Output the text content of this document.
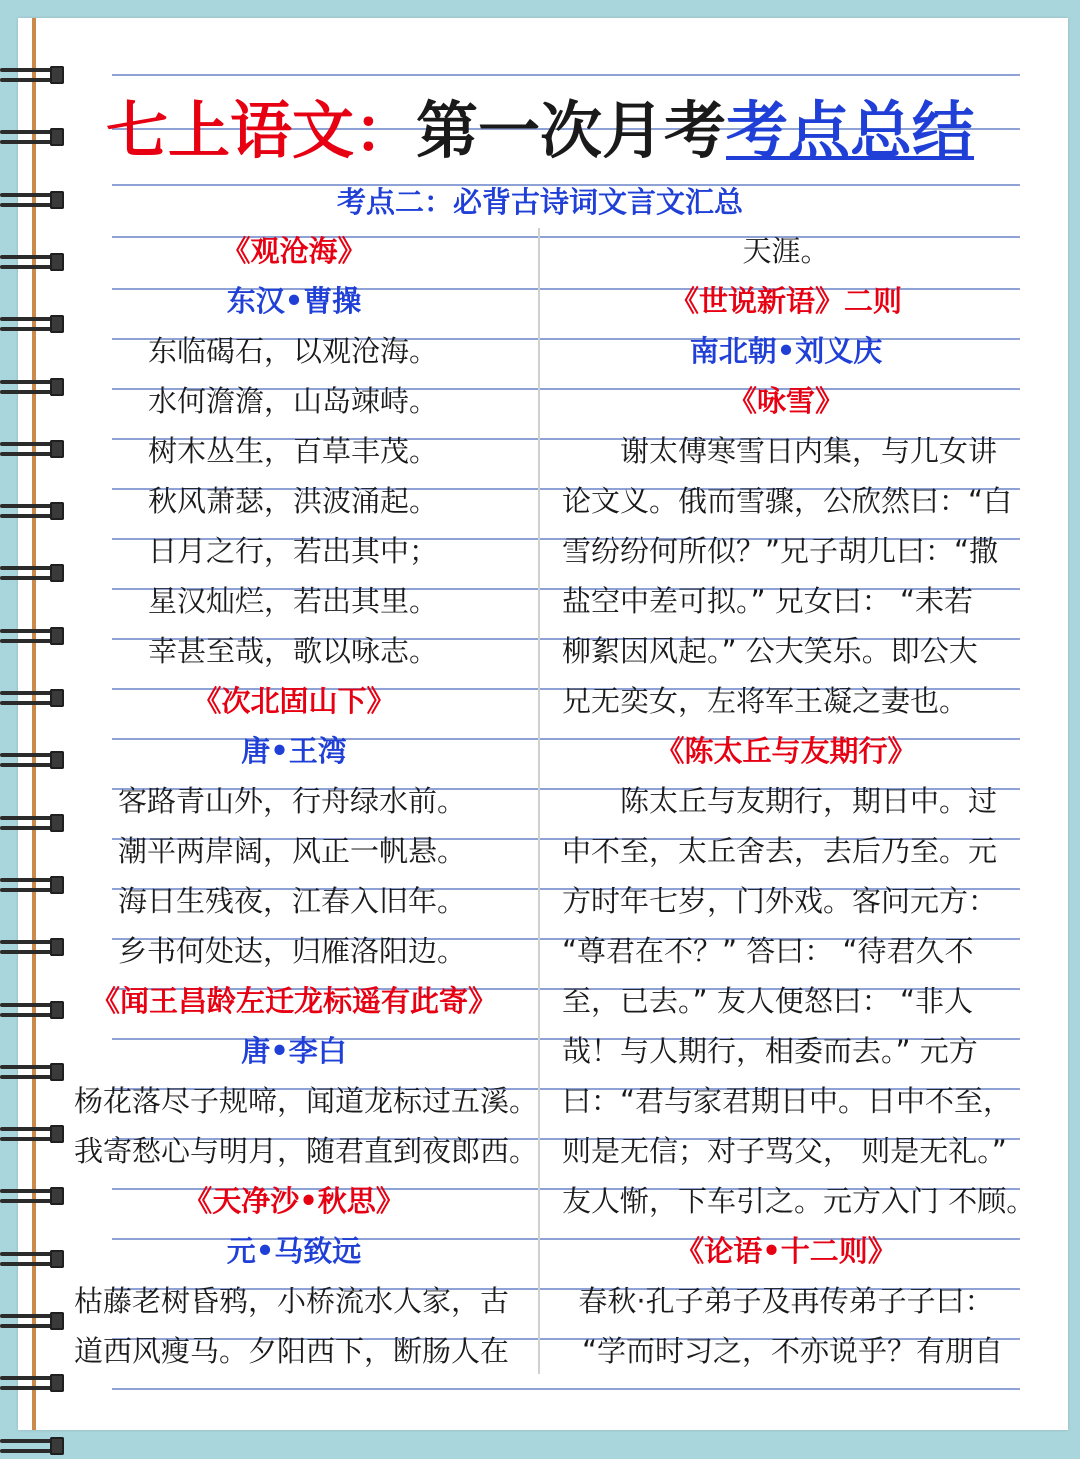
七上语文：第一次月考考点总结
考点二：必背古诗词文言文汇总
《观沧海》
东汉•曹操
东临碣石，以观沧海。
水何澹澹，山岛竦峙。
树木丛生，百草丰茂。
秋风萧瑟，洪波涌起。
日月之行，若出其中；
星汉灿烂，若出其里。
幸甚至哉，歌以咏志。
《次北固山下》
唐•王湾
客路青山外，行舟绿水前。
潮平两岸阔，风正一帆悬。
海日生残夜，江春入旧年。
乡书何处达，归雁洛阳边。
《闻王昌龄左迁龙标遥有此寄》
唐•李白
杨花落尽子规啼，闻道龙标过五溪。
我寄愁心与明月，随君直到夜郎西。
《天净沙•秋思》
元•马致远
枯藤老树昏鸦，小桥流水人家，古
道西风瘦马。夕阳西下，断肠人在
天涯。
《世说新语》二则
南北朝•刘义庆
《咏雪》
谢太傅寒雪日内集，与儿女讲
论文义。俄而雪骤，公欣然曰：“白
雪纷纷何所似？”兄子胡儿曰：“撒
盐空中差可拟。” 兄女曰： “未若
柳絮因风起。” 公大笑乐。即公大
兄无奕女，左将军王凝之妻也。
《陈太丘与友期行》
陈太丘与友期行，期日中。过
中不至，太丘舍去，去后乃至。元
方时年七岁，门外戏。客问元方：
“尊君在不？” 答曰： “待君久不
至，已去。” 友人便怒曰： “非人
哉！与人期行，相委而去。” 元方
曰：“君与家君期日中。日中不至，
则是无信；对子骂父， 则是无礼。”
友人惭，下车引之。元方入门 不顾。
《论语•十二则》
春秋·孔子弟子及再传弟子子曰：
“学而时习之，不亦说乎？有朋自
